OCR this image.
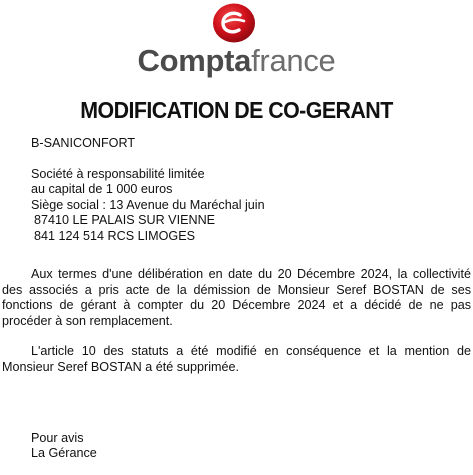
Comptafrance
MODIFICATION DE CO-GERANT
B-SANICONFORT
Société à responsabilité limitée
au capital de 1 000 euros
Siège social : 13 Avenue du Maréchal juin
87410 LE PALAIS SUR VIENNE
841 124 514 RCS LIMOGES

Aux termes d'une délibération en date du 20 Décembre 2024, la collectivité des associés a pris acte de la démission de Monsieur Seref BOSTAN de ses fonctions de gérant à compter du 20 Décembre 2024 et a décidé de ne pas procéder à son remplacement.

L'article 10 des statuts a été modifié en conséquence et la mention de Monsieur Seref BOSTAN a été supprimée.

Pour avis
La Gérance
